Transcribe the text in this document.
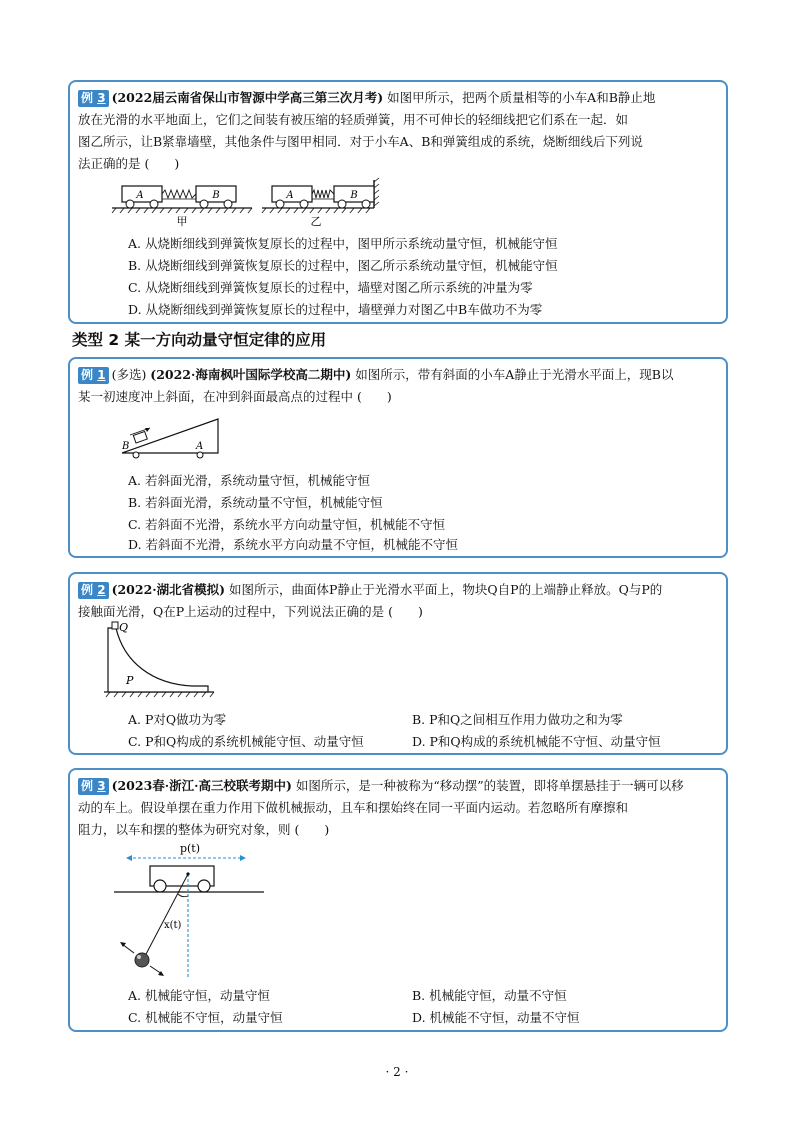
例 3 (2022届云南省保山市智源中学高三第三次月考) 如图甲所示，把两个质量相等的小车A和B静止地
放在光滑的水平地面上，它们之间装有被压缩的轻质弹簧，用不可伸长的轻细线把它们系在一起．如
图乙所示，让B紧靠墙壁，其他条件与图甲相同．对于小车A、B和弹簧组成的系统，烧断细线后下列说
法正确的是 (　　)
A	B
甲
A	B
乙
A. 从烧断细线到弹簧恢复原长的过程中，图甲所示系统动量守恒，机械能守恒
B. 从烧断细线到弹簧恢复原长的过程中，图乙所示系统动量守恒，机械能守恒
C. 从烧断细线到弹簧恢复原长的过程中，墙壁对图乙所示系统的冲量为零
D. 从烧断细线到弹簧恢复原长的过程中，墙壁弹力对图乙中B车做功不为零
类型 2 某一方向动量守恒定律的应用
例 1 (多选) (2022·海南枫叶国际学校高二期中) 如图所示，带有斜面的小车A静止于光滑水平面上，现B以
某一初速度冲上斜面，在冲到斜面最高点的过程中 (　　)
B	A
A. 若斜面光滑，系统动量守恒，机械能守恒
B. 若斜面光滑，系统动量不守恒，机械能守恒
C. 若斜面不光滑，系统水平方向动量守恒，机械能不守恒
D. 若斜面不光滑，系统水平方向动量不守恒，机械能不守恒
例 2 (2022·湖北省模拟) 如图所示，曲面体P静止于光滑水平面上，物块Q自P的上端静止释放。Q与P的
接触面光滑，Q在P上运动的过程中，下列说法正确的是 (　　)
Q
P
A. P对Q做功为零	B. P和Q之间相互作用力做功之和为零
C. P和Q构成的系统机械能守恒、动量守恒	D. P和Q构成的系统机械能不守恒、动量守恒
例 3 (2023春·浙江·高三校联考期中) 如图所示，是一种被称为“移动摆”的装置，即将单摆悬挂于一辆可以移
动的车上。假设单摆在重力作用下做机械振动，且车和摆始终在同一平面内运动。若忽略所有摩擦和
阻力，以车和摆的整体为研究对象，则 (　　)
p(t)
x(t)
A. 机械能守恒，动量守恒	B. 机械能守恒，动量不守恒
C. 机械能不守恒，动量守恒	D. 机械能不守恒，动量不守恒
· 2 ·
